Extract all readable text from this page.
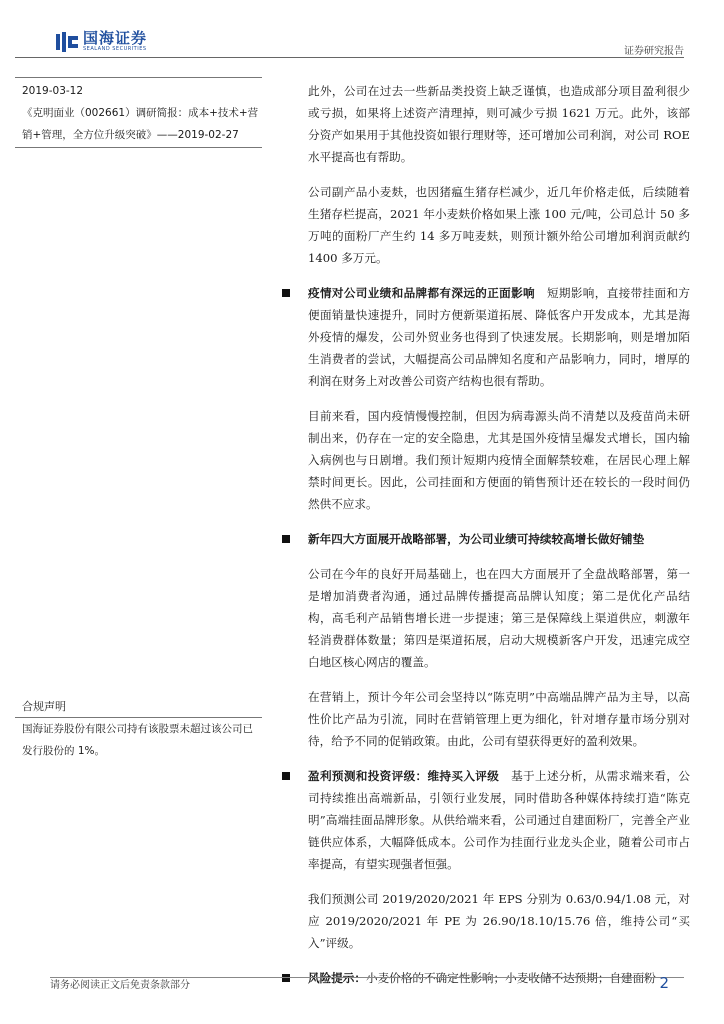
国海证券
SEALAND SECURITIES	证券研究报告
2019-03-12
《克明面业（002661）调研简报：成本+技术+营销+管理，全方位升级突破》——2019-02-27
合规声明
国海证券股份有限公司持有该股票未超过该公司已发行股份的 1%。

此外，公司在过去一些新品类投资上缺乏谨慎，也造成部分项目盈利很少或亏损，如果将上述资产清理掉，则可减少亏损 1621 万元。此外，该部分资产如果用于其他投资如银行理财等，还可增加公司利润，对公司 ROE 水平提高也有帮助。

公司副产品小麦麸，也因猪瘟生猪存栏减少，近几年价格走低，后续随着生猪存栏提高，2021 年小麦麸价格如果上涨 100 元/吨，公司总计 50 多万吨的面粉厂产生约 14 多万吨麦麸，则预计额外给公司增加利润贡献约 1400 多万元。

疫情对公司业绩和品牌都有深远的正面影响　 短期影响，直接带挂面和方便面销量快速提升，同时方便新渠道拓展、降低客户开发成本，尤其是海外疫情的爆发，公司外贸业务也得到了快速发展。长期影响，则是增加陌生消费者的尝试，大幅提高公司品牌知名度和产品影响力，同时，增厚的利润在财务上对改善公司资产结构也很有帮助。

目前来看，国内疫情慢慢控制，但因为病毒源头尚不清楚以及疫苗尚未研制出来，仍存在一定的安全隐患，尤其是国外疫情呈爆发式增长，国内输入病例也与日剧增。我们预计短期内疫情全面解禁较难，在居民心理上解禁时间更长。因此，公司挂面和方便面的销售预计还在较长的一段时间仍然供不应求。

新年四大方面展开战略部署，为公司业绩可持续较高增长做好铺垫

公司在今年的良好开局基础上，也在四大方面展开了全盘战略部署，第一是增加消费者沟通，通过品牌传播提高品牌认知度；第二是优化产品结构，高毛利产品销售增长进一步提速；第三是保障线上渠道供应，刺激年轻消费群体数量；第四是渠道拓展，启动大规模新客户开发，迅速完成空白地区核心网店的覆盖。

在营销上，预计今年公司会坚持以“陈克明”中高端品牌产品为主导，以高性价比产品为引流，同时在营销管理上更为细化，针对增存量市场分别对待，给予不同的促销政策。由此，公司有望获得更好的盈利效果。

盈利预测和投资评级：维持买入评级　 基于上述分析，从需求端来看，公司持续推出高端新品，引领行业发展，同时借助各种媒体持续打造“陈克明”高端挂面品牌形象。从供给端来看，公司通过自建面粉厂，完善全产业链供应体系，大幅降低成本。公司作为挂面行业龙头企业，随着公司市占率提高，有望实现强者恒强。

我们预测公司 2019/2020/2021 年 EPS 分别为 0.63/0.94/1.08 元，对应 2019/2020/2021 年 PE 为 26.90/18.10/15.76 倍，维持公司“买入”评级。

风险提示：小麦价格的不确定性影响；小麦收储不达预期；自建面粉

请务必阅读正文后免责条款部分	2
